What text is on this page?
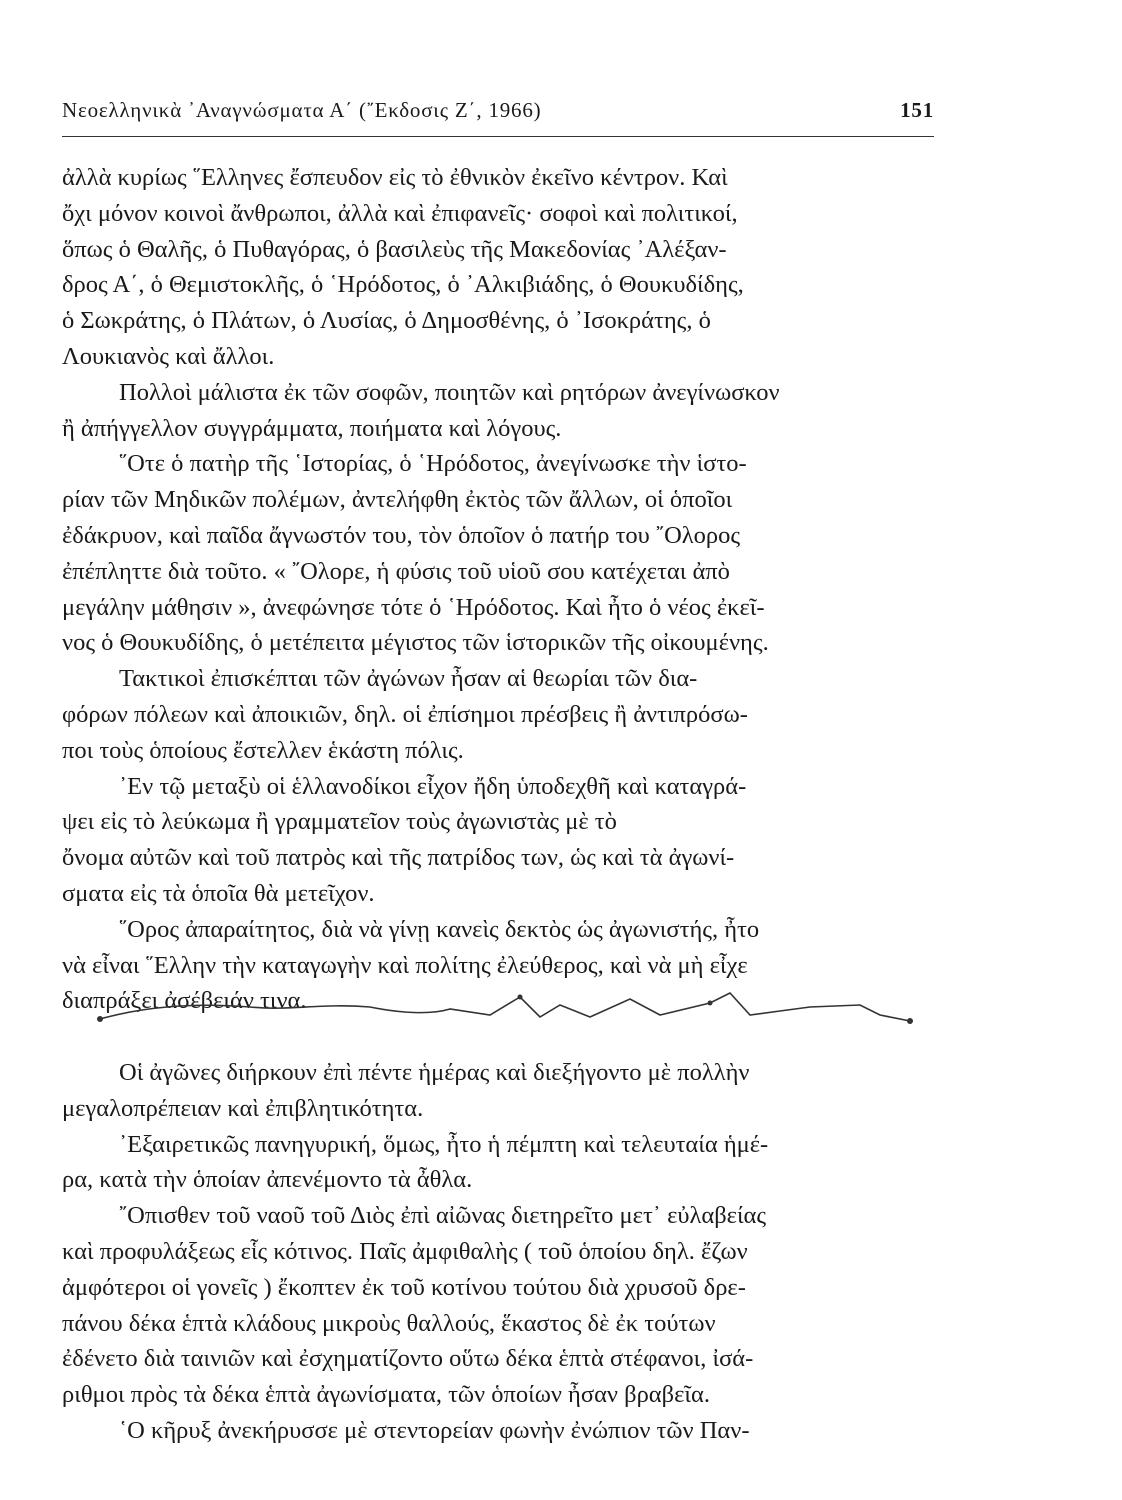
Νεοελληνικὰ ᾿Αναγνώσματα Α΄ (῎Εκδοσις Ζ΄, 1966)	151
ἀλλὰ κυρίως ῞Ελληνες ἔσπευδον εἰς τὸ ἐθνικὸν ἐκεῖνο κέντρον. Καὶ
ὄχι μόνον κοινοὶ ἄνθρωποι, ἀλλὰ καὶ ἐπιφανεῖς· σοφοὶ καὶ πολιτικοί,
ὅπως ὁ Θαλῆς, ὁ Πυθαγόρας, ὁ βασιλεὺς τῆς Μακεδονίας ᾿Αλέξαν-
δρος Α΄, ὁ Θεμιστοκλῆς, ὁ ῾Ηρόδοτος, ὁ ᾿Αλκιβιάδης, ὁ Θουκυδίδης,
ὁ Σωκράτης, ὁ Πλάτων, ὁ Λυσίας, ὁ Δημοσθένης, ὁ ᾿Ισοκράτης, ὁ
Λουκιανὸς καὶ ἄλλοι.
Πολλοὶ μάλιστα ἐκ τῶν σοφῶν, ποιητῶν καὶ ρητόρων ἀνεγίνωσκον
ἢ ἀπήγγελλον συγγράμματα, ποιήματα καὶ λόγους.
῞Οτε ὁ πατὴρ τῆς ῾Ιστορίας, ὁ ῾Ηρόδοτος, ἀνεγίνωσκε τὴν ἱστο-
ρίαν τῶν Μηδικῶν πολέμων, ἀντελήφθη ἐκτὸς τῶν ἄλλων, οἱ ὁποῖοι
ἐδάκρυον, καὶ παῖδα ἄγνωστόν του, τὸν ὁποῖον ὁ πατήρ του ῎Ολορος
ἐπέπληττε διὰ τοῦτο. « ῎Ολορε, ἡ φύσις τοῦ υἱοῦ σου κατέχεται ἀπὸ
μεγάλην μάθησιν », ἀνεφώνησε τότε ὁ ῾Ηρόδοτος. Καὶ ἦτο ὁ νέος ἐκεῖ-
νος ὁ Θουκυδίδης, ὁ μετέπειτα μέγιστος τῶν ἱστορικῶν τῆς οἰκουμένης.
Τακτικοὶ ἐπισκέπται τῶν ἀγώνων ἦσαν αἱ θεωρίαι τῶν δια-
φόρων πόλεων καὶ ἀποικιῶν, δηλ. οἱ ἐπίσημοι πρέσβεις ἢ ἀντιπρόσω-
ποι τοὺς ὁποίους ἔστελλεν ἑκάστη πόλις.
᾿Εν τῷ μεταξὺ οἱ ἑλλανοδίκοι εἶχον ἤδη ὑποδεχθῆ καὶ καταγρά-
ψει εἰς τὸ λεύκωμα ἢ γραμματεῖον τοὺς ἀγωνιστὰς μὲ τὸ
ὄνομα αὐτῶν καὶ τοῦ πατρὸς καὶ τῆς πατρίδος των, ὡς καὶ τὰ ἀγωνί-
σματα εἰς τὰ ὁποῖα θὰ μετεῖχον.
῞Ορος ἀπαραίτητος, διὰ νὰ γίνῃ κανεὶς δεκτὸς ὡς ἀγωνιστής, ἦτο
νὰ εἶναι ῞Ελλην τὴν καταγωγὴν καὶ πολίτης ἐλεύθερος, καὶ νὰ μὴ εἶχε
διαπράξει ἀσέβειάν τινα.
Οἱ ἀγῶνες διήρκουν ἐπὶ πέντε ἡμέρας καὶ διεξήγοντο μὲ πολλὴν
μεγαλοπρέπειαν καὶ ἐπιβλητικότητα.
᾿Εξαιρετικῶς πανηγυρική, ὅμως, ἦτο ἡ πέμπτη καὶ τελευταία ἡμέ-
ρα, κατὰ τὴν ὁποίαν ἀπενέμοντο τὰ ἆθλα.
῎Οπισθεν τοῦ ναοῦ τοῦ Διὸς ἐπὶ αἰῶνας διετηρεῖτο μετ᾿ εὐλαβείας
καὶ προφυλάξεως εἷς κότινος. Παῖς ἀμφιθαλὴς ( τοῦ ὁποίου δηλ. ἔζων
ἀμφότεροι οἱ γονεῖς ) ἔκοπτεν ἐκ τοῦ κοτίνου τούτου διὰ χρυσοῦ δρε-
πάνου δέκα ἑπτὰ κλάδους μικροὺς θαλλούς, ἕκαστος δὲ ἐκ τούτων
ἐδένετο διὰ ταινιῶν καὶ ἐσχηματίζοντο οὕτω δέκα ἑπτὰ στέφανοι, ἰσά-
ριθμοι πρὸς τὰ δέκα ἑπτὰ ἀγωνίσματα, τῶν ὁποίων ἦσαν βραβεῖα.
῾Ο κῆρυξ ἀνεκήρυσσε μὲ στεντορείαν φωνὴν ἐνώπιον τῶν Παν-
